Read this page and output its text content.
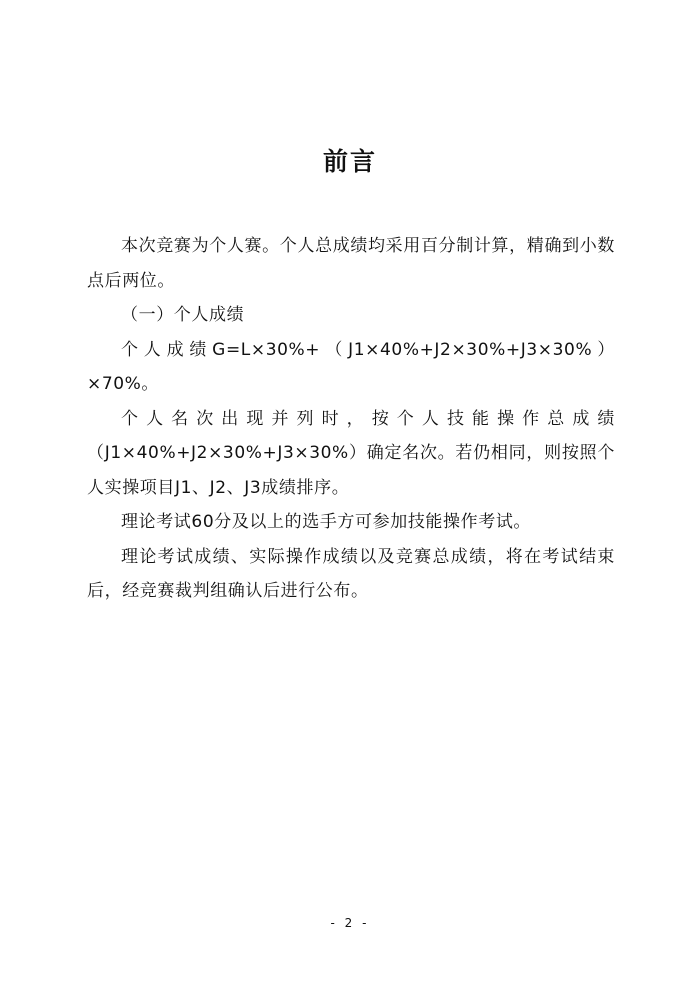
前言

本次竞赛为个人赛。个人总成绩均采用百分制计算，精确到小数点后两位。

（一）个人成绩

个人成绩G=L×30%+（J1×40%+J2×30%+J3×30%）×70%。

个人名次出现并列时，按个人技能操作总成绩（J1×40%+J2×30%+J3×30%）确定名次。若仍相同，则按照个人实操项目J1、J2、J3成绩排序。

理论考试60分及以上的选手方可参加技能操作考试。

理论考试成绩、实际操作成绩以及竞赛总成绩，将在考试结束后，经竞赛裁判组确认后进行公布。

- 2 -
